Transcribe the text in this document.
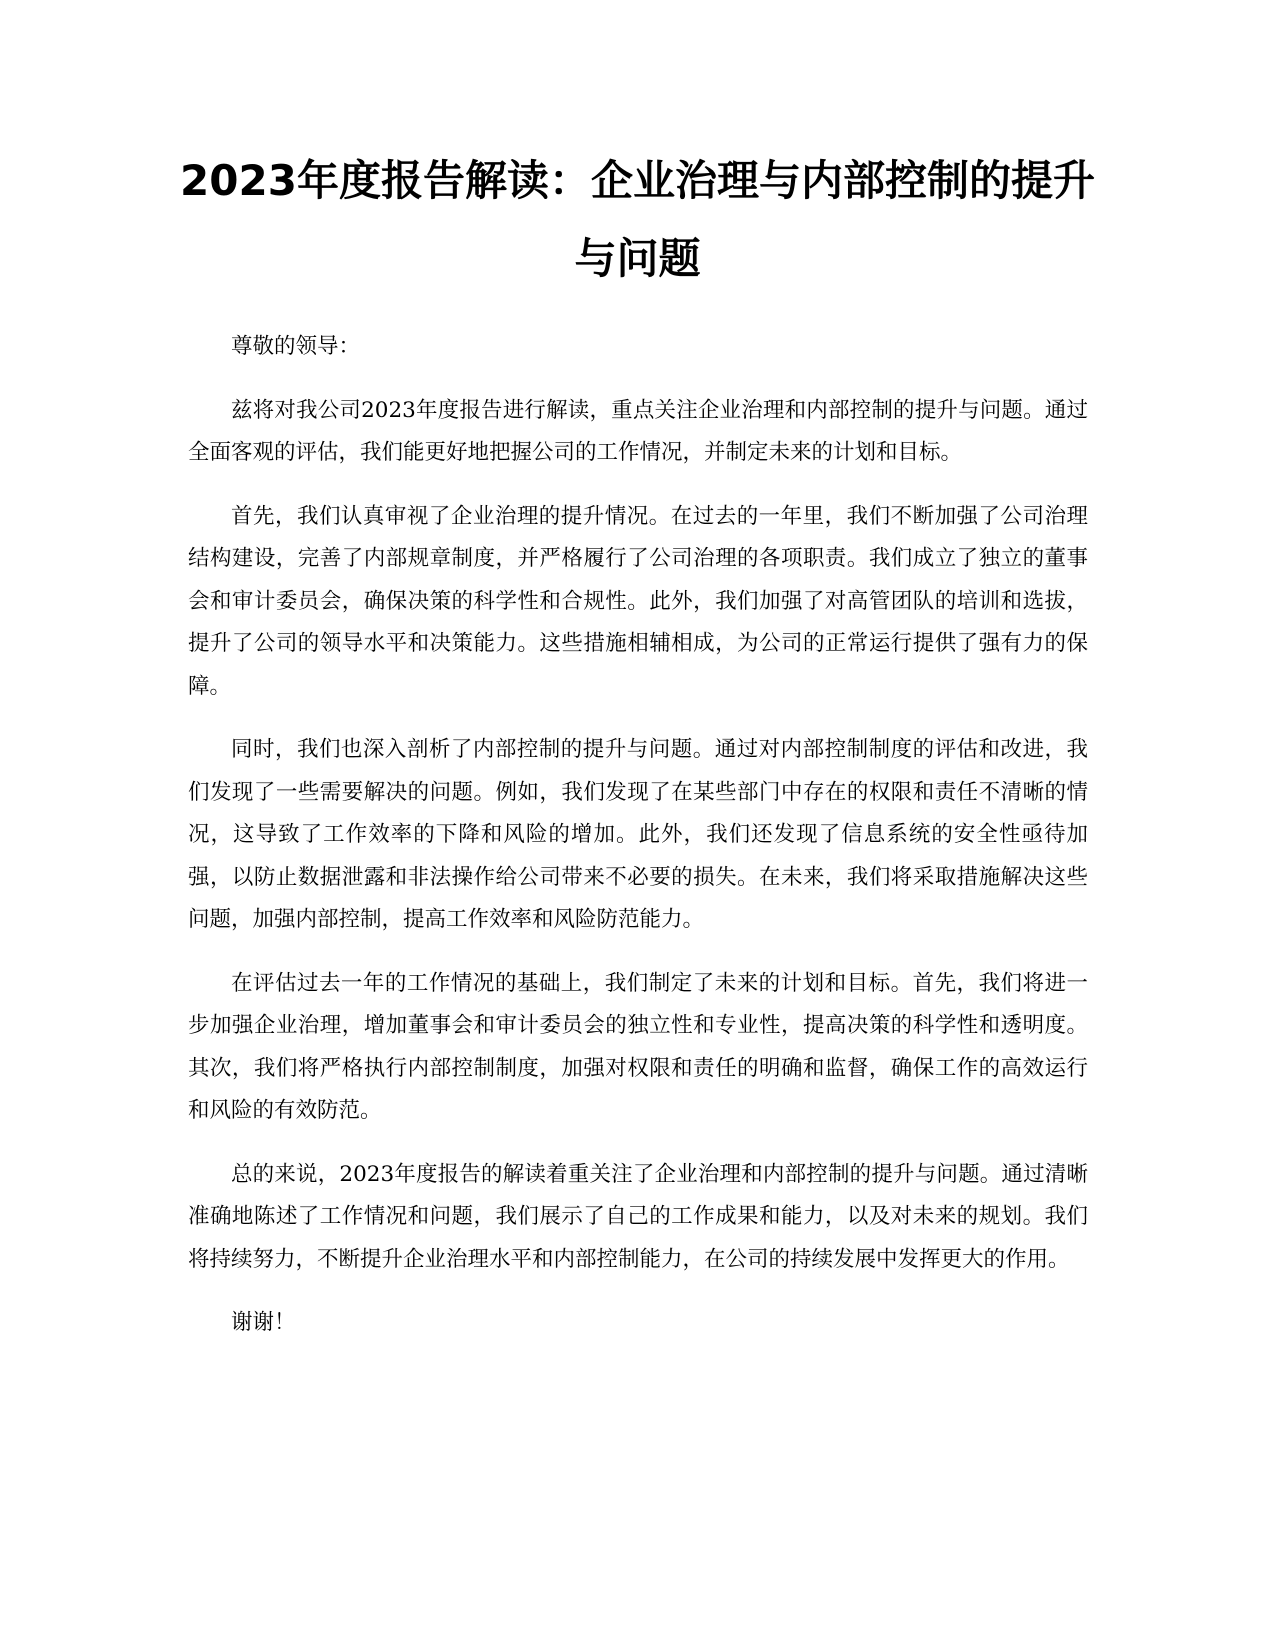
2023年度报告解读：企业治理与内部控制的提升与问题

尊敬的领导：

兹将对我公司2023年度报告进行解读，重点关注企业治理和内部控制的提升与问题。通过全面客观的评估，我们能更好地把握公司的工作情况，并制定未来的计划和目标。

首先，我们认真审视了企业治理的提升情况。在过去的一年里，我们不断加强了公司治理结构建设，完善了内部规章制度，并严格履行了公司治理的各项职责。我们成立了独立的董事会和审计委员会，确保决策的科学性和合规性。此外，我们加强了对高管团队的培训和选拔，提升了公司的领导水平和决策能力。这些措施相辅相成，为公司的正常运行提供了强有力的保障。

同时，我们也深入剖析了内部控制的提升与问题。通过对内部控制制度的评估和改进，我们发现了一些需要解决的问题。例如，我们发现了在某些部门中存在的权限和责任不清晰的情况，这导致了工作效率的下降和风险的增加。此外，我们还发现了信息系统的安全性亟待加强，以防止数据泄露和非法操作给公司带来不必要的损失。在未来，我们将采取措施解决这些问题，加强内部控制，提高工作效率和风险防范能力。

在评估过去一年的工作情况的基础上，我们制定了未来的计划和目标。首先，我们将进一步加强企业治理，增加董事会和审计委员会的独立性和专业性，提高决策的科学性和透明度。其次，我们将严格执行内部控制制度，加强对权限和责任的明确和监督，确保工作的高效运行和风险的有效防范。

总的来说，2023年度报告的解读着重关注了企业治理和内部控制的提升与问题。通过清晰准确地陈述了工作情况和问题，我们展示了自己的工作成果和能力，以及对未来的规划。我们将持续努力，不断提升企业治理水平和内部控制能力，在公司的持续发展中发挥更大的作用。

谢谢！
